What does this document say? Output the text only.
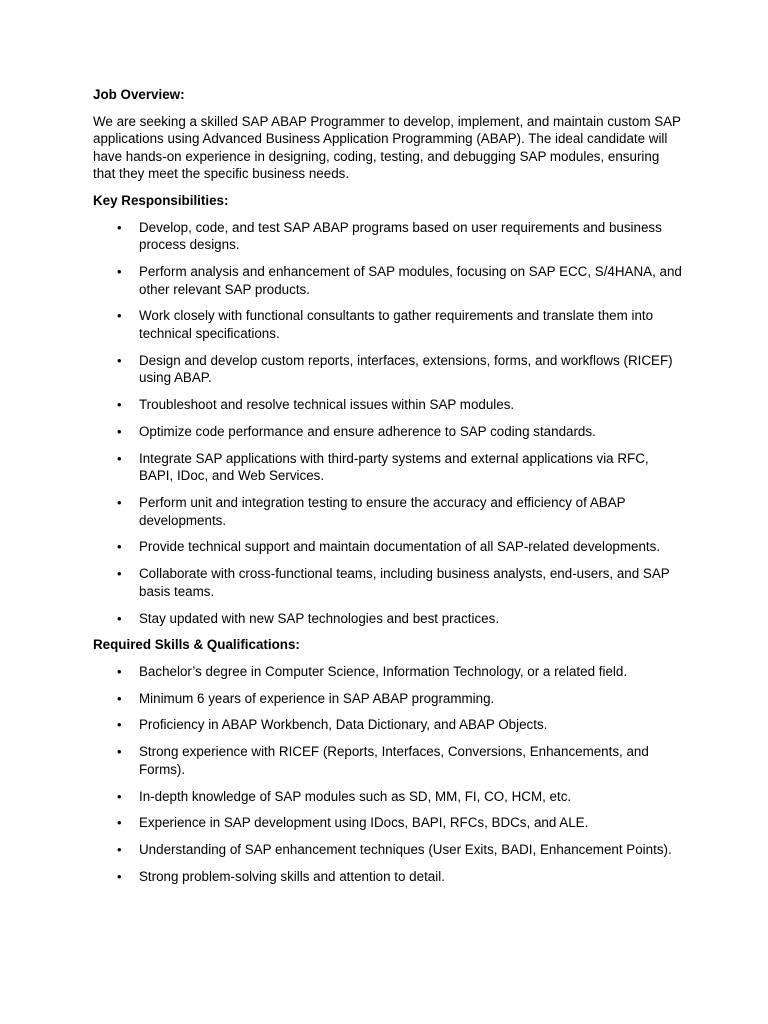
Job Overview:
We are seeking a skilled SAP ABAP Programmer to develop, implement, and maintain custom SAP applications using Advanced Business Application Programming (ABAP). The ideal candidate will have hands-on experience in designing, coding, testing, and debugging SAP modules, ensuring that they meet the specific business needs.
Key Responsibilities:
• Develop, code, and test SAP ABAP programs based on user requirements and business process designs.
• Perform analysis and enhancement of SAP modules, focusing on SAP ECC, S/4HANA, and other relevant SAP products.
• Work closely with functional consultants to gather requirements and translate them into technical specifications.
• Design and develop custom reports, interfaces, extensions, forms, and workflows (RICEF) using ABAP.
• Troubleshoot and resolve technical issues within SAP modules.
• Optimize code performance and ensure adherence to SAP coding standards.
• Integrate SAP applications with third-party systems and external applications via RFC, BAPI, IDoc, and Web Services.
• Perform unit and integration testing to ensure the accuracy and efficiency of ABAP developments.
• Provide technical support and maintain documentation of all SAP-related developments.
• Collaborate with cross-functional teams, including business analysts, end-users, and SAP basis teams.
• Stay updated with new SAP technologies and best practices.
Required Skills & Qualifications:
• Bachelor’s degree in Computer Science, Information Technology, or a related field.
• Minimum 6 years of experience in SAP ABAP programming.
• Proficiency in ABAP Workbench, Data Dictionary, and ABAP Objects.
• Strong experience with RICEF (Reports, Interfaces, Conversions, Enhancements, and Forms).
• In-depth knowledge of SAP modules such as SD, MM, FI, CO, HCM, etc.
• Experience in SAP development using IDocs, BAPI, RFCs, BDCs, and ALE.
• Understanding of SAP enhancement techniques (User Exits, BADI, Enhancement Points).
• Strong problem-solving skills and attention to detail.
